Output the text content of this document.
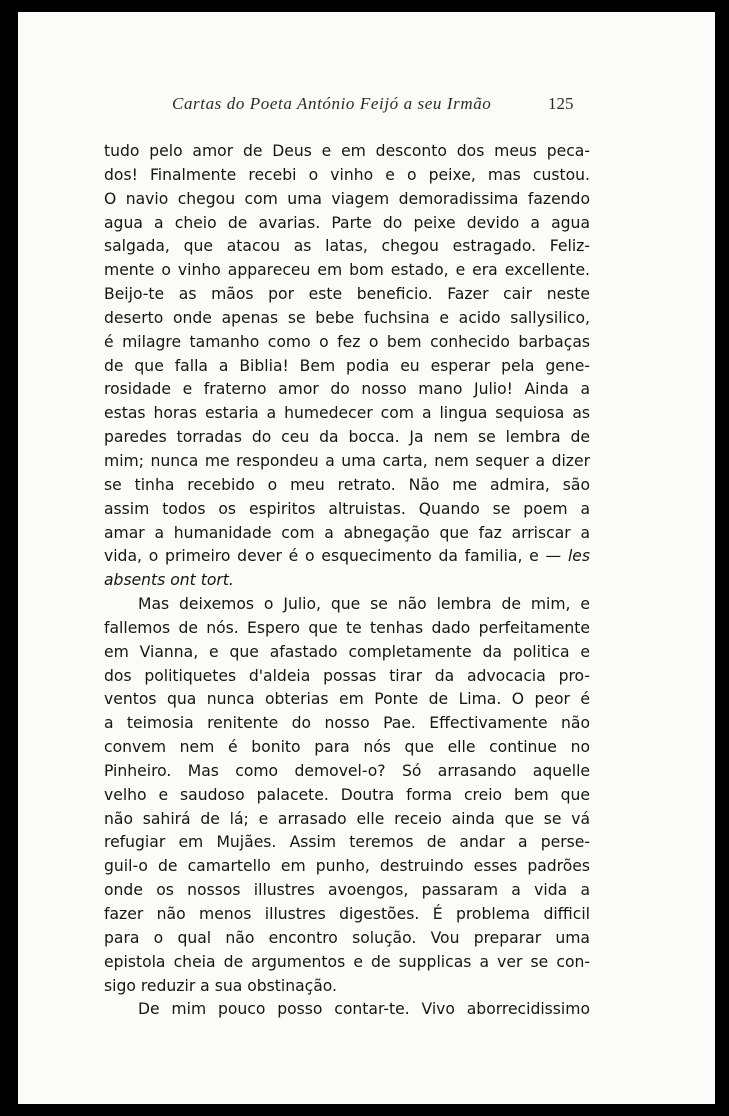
Cartas do Poeta António Feijó a seu Irmão	125
tudo pelo amor de Deus e em desconto dos meus peca-
dos! Finalmente recebi o vinho e o peixe, mas custou.
O navio chegou com uma viagem demoradissima fazendo
agua a cheio de avarias. Parte do peixe devido a agua
salgada, que atacou as latas, chegou estragado. Feliz-
mente o vinho appareceu em bom estado, e era excellente.
Beijo-te as mãos por este beneficio. Fazer cair neste
deserto onde apenas se bebe fuchsina e acido sallysilico,
é milagre tamanho como o fez o bem conhecido barbaças
de que falla a Biblia! Bem podia eu esperar pela gene-
rosidade e fraterno amor do nosso mano Julio! Ainda a
estas horas estaria a humedecer com a lingua sequiosa as
paredes torradas do ceu da bocca. Ja nem se lembra de
mim; nunca me respondeu a uma carta, nem sequer a dizer
se tinha recebido o meu retrato. Não me admira, são
assim todos os espiritos altruistas. Quando se poem a
amar a humanidade com a abnegação que faz arriscar a
vida, o primeiro dever é o esquecimento da familia, e — les
absents ont tort.
Mas deixemos o Julio, que se não lembra de mim, e
fallemos de nós. Espero que te tenhas dado perfeitamente
em Vianna, e que afastado completamente da politica e
dos politiquetes d'aldeia possas tirar da advocacia pro-
ventos qua nunca obterias em Ponte de Lima. O peor é
a teimosia renitente do nosso Pae. Effectivamente não
convem nem é bonito para nós que elle continue no
Pinheiro. Mas como demovel-o? Só arrasando aquelle
velho e saudoso palacete. Doutra forma creio bem que
não sahirá de lá; e arrasado elle receio ainda que se vá
refugiar em Mujães. Assim teremos de andar a perse-
guil-o de camartello em punho, destruindo esses padrões
onde os nossos illustres avoengos, passaram a vida a
fazer não menos illustres digestões. É problema difficil
para o qual não encontro solução. Vou preparar uma
epistola cheia de argumentos e de supplicas a ver se con-
sigo reduzir a sua obstinação.
De mim pouco posso contar-te. Vivo aborrecidissimo
